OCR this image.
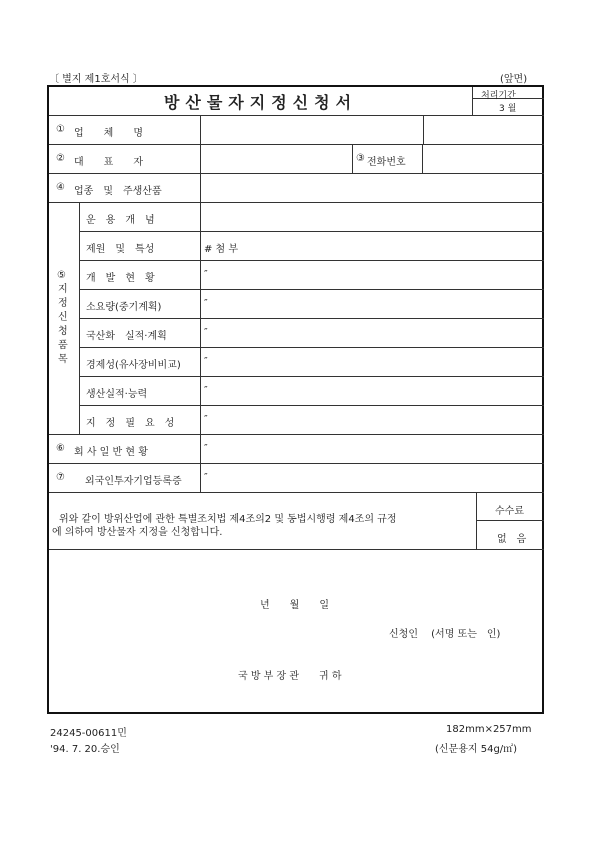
〔 별지 제1호서식 〕	(앞면)
방산물자지정신청서	처리기간
3 월
① 업　　체　　명
② 대　　표　　자	③ 전화번호
④ 업종　및　주생산품
⑤
지
정
신
청
품
목
운　용　개　념
제원　및　특성	# 첨 부
개　발　현　황	″
소요량(중기계획)	″
국산화　실적·계획	″
경제성(유사장비비교) ″
생산실적·능력	″
지　정　필　요　성	″
⑥ 회 사 일 반 현 황	″
⑦ 외국인투자기업등록증 ″
위와 같이 방위산업에 관한 특별조치법 제4조의2 및 동법시행령 제4조의 규정
에 의하여 방산물자 지정을 신청합니다.
수수료
없　음
년　　월　　일
신청인　 (서명 또는　인)
국 방 부 장 관　　귀 하
24245-00611민
'94. 7. 20.승인
182mm×257mm
(신문용지 54g/㎡)
